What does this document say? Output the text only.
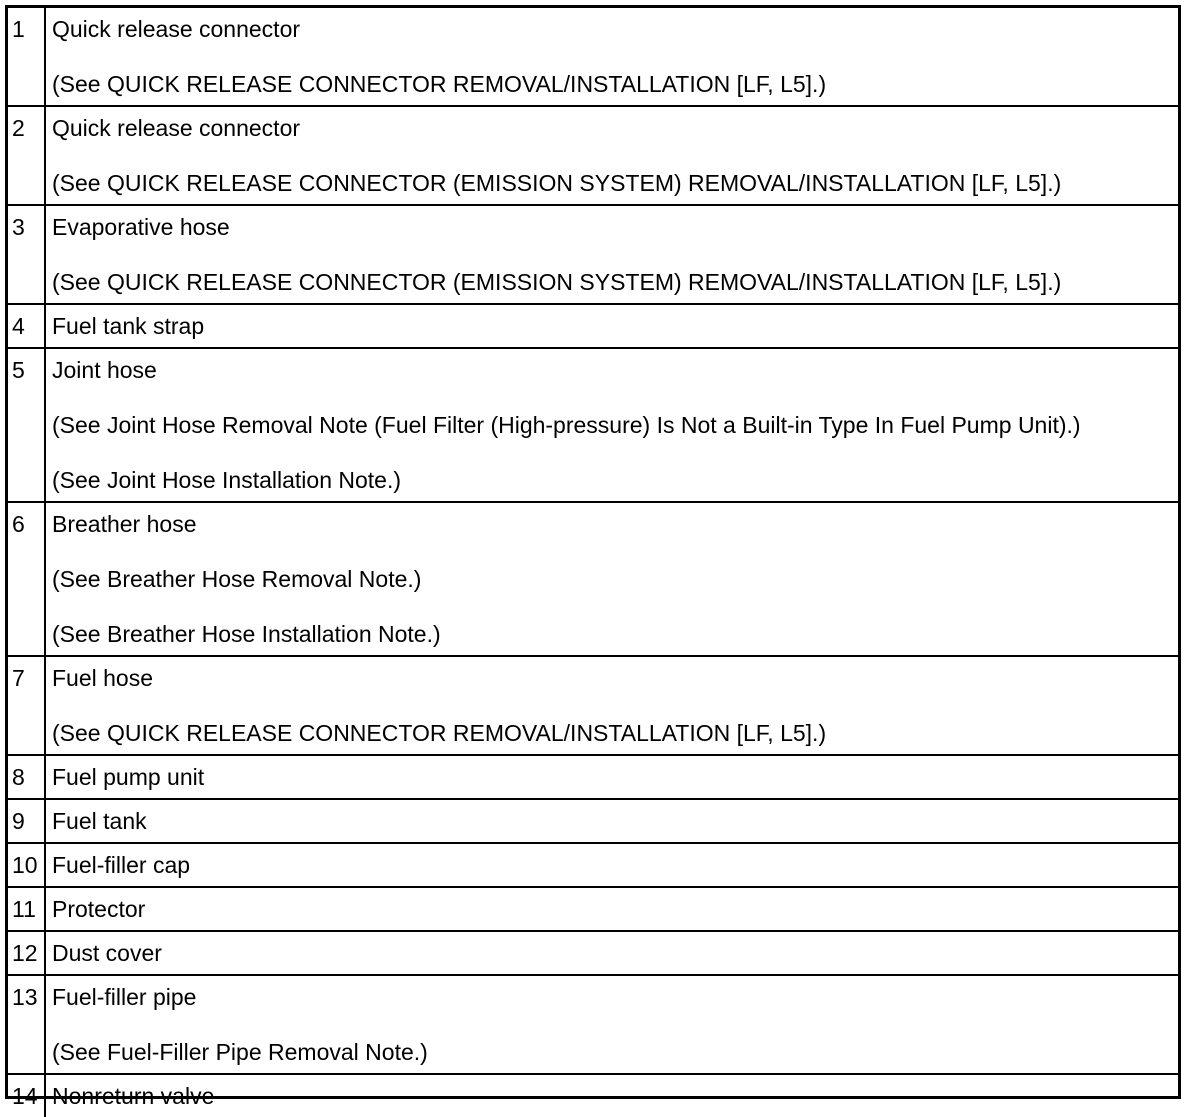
1	Quick release connector
(See QUICK RELEASE CONNECTOR REMOVAL/INSTALLATION [LF, L5].)

2	Quick release connector
(See QUICK RELEASE CONNECTOR (EMISSION SYSTEM) REMOVAL/INSTALLATION [LF, L5].)

3	Evaporative hose
(See QUICK RELEASE CONNECTOR (EMISSION SYSTEM) REMOVAL/INSTALLATION [LF, L5].)

4	Fuel tank strap

5	Joint hose
(See Joint Hose Removal Note (Fuel Filter (High-pressure) Is Not a Built-in Type In Fuel Pump Unit).)
(See Joint Hose Installation Note.)

6	Breather hose
(See Breather Hose Removal Note.)
(See Breather Hose Installation Note.)

7	Fuel hose
(See QUICK RELEASE CONNECTOR REMOVAL/INSTALLATION [LF, L5].)

8	Fuel pump unit

9	Fuel tank

10	Fuel-filler cap

11	Protector

12	Dust cover

13	Fuel-filler pipe
(See Fuel-Filler Pipe Removal Note.)

14	Nonreturn valve
